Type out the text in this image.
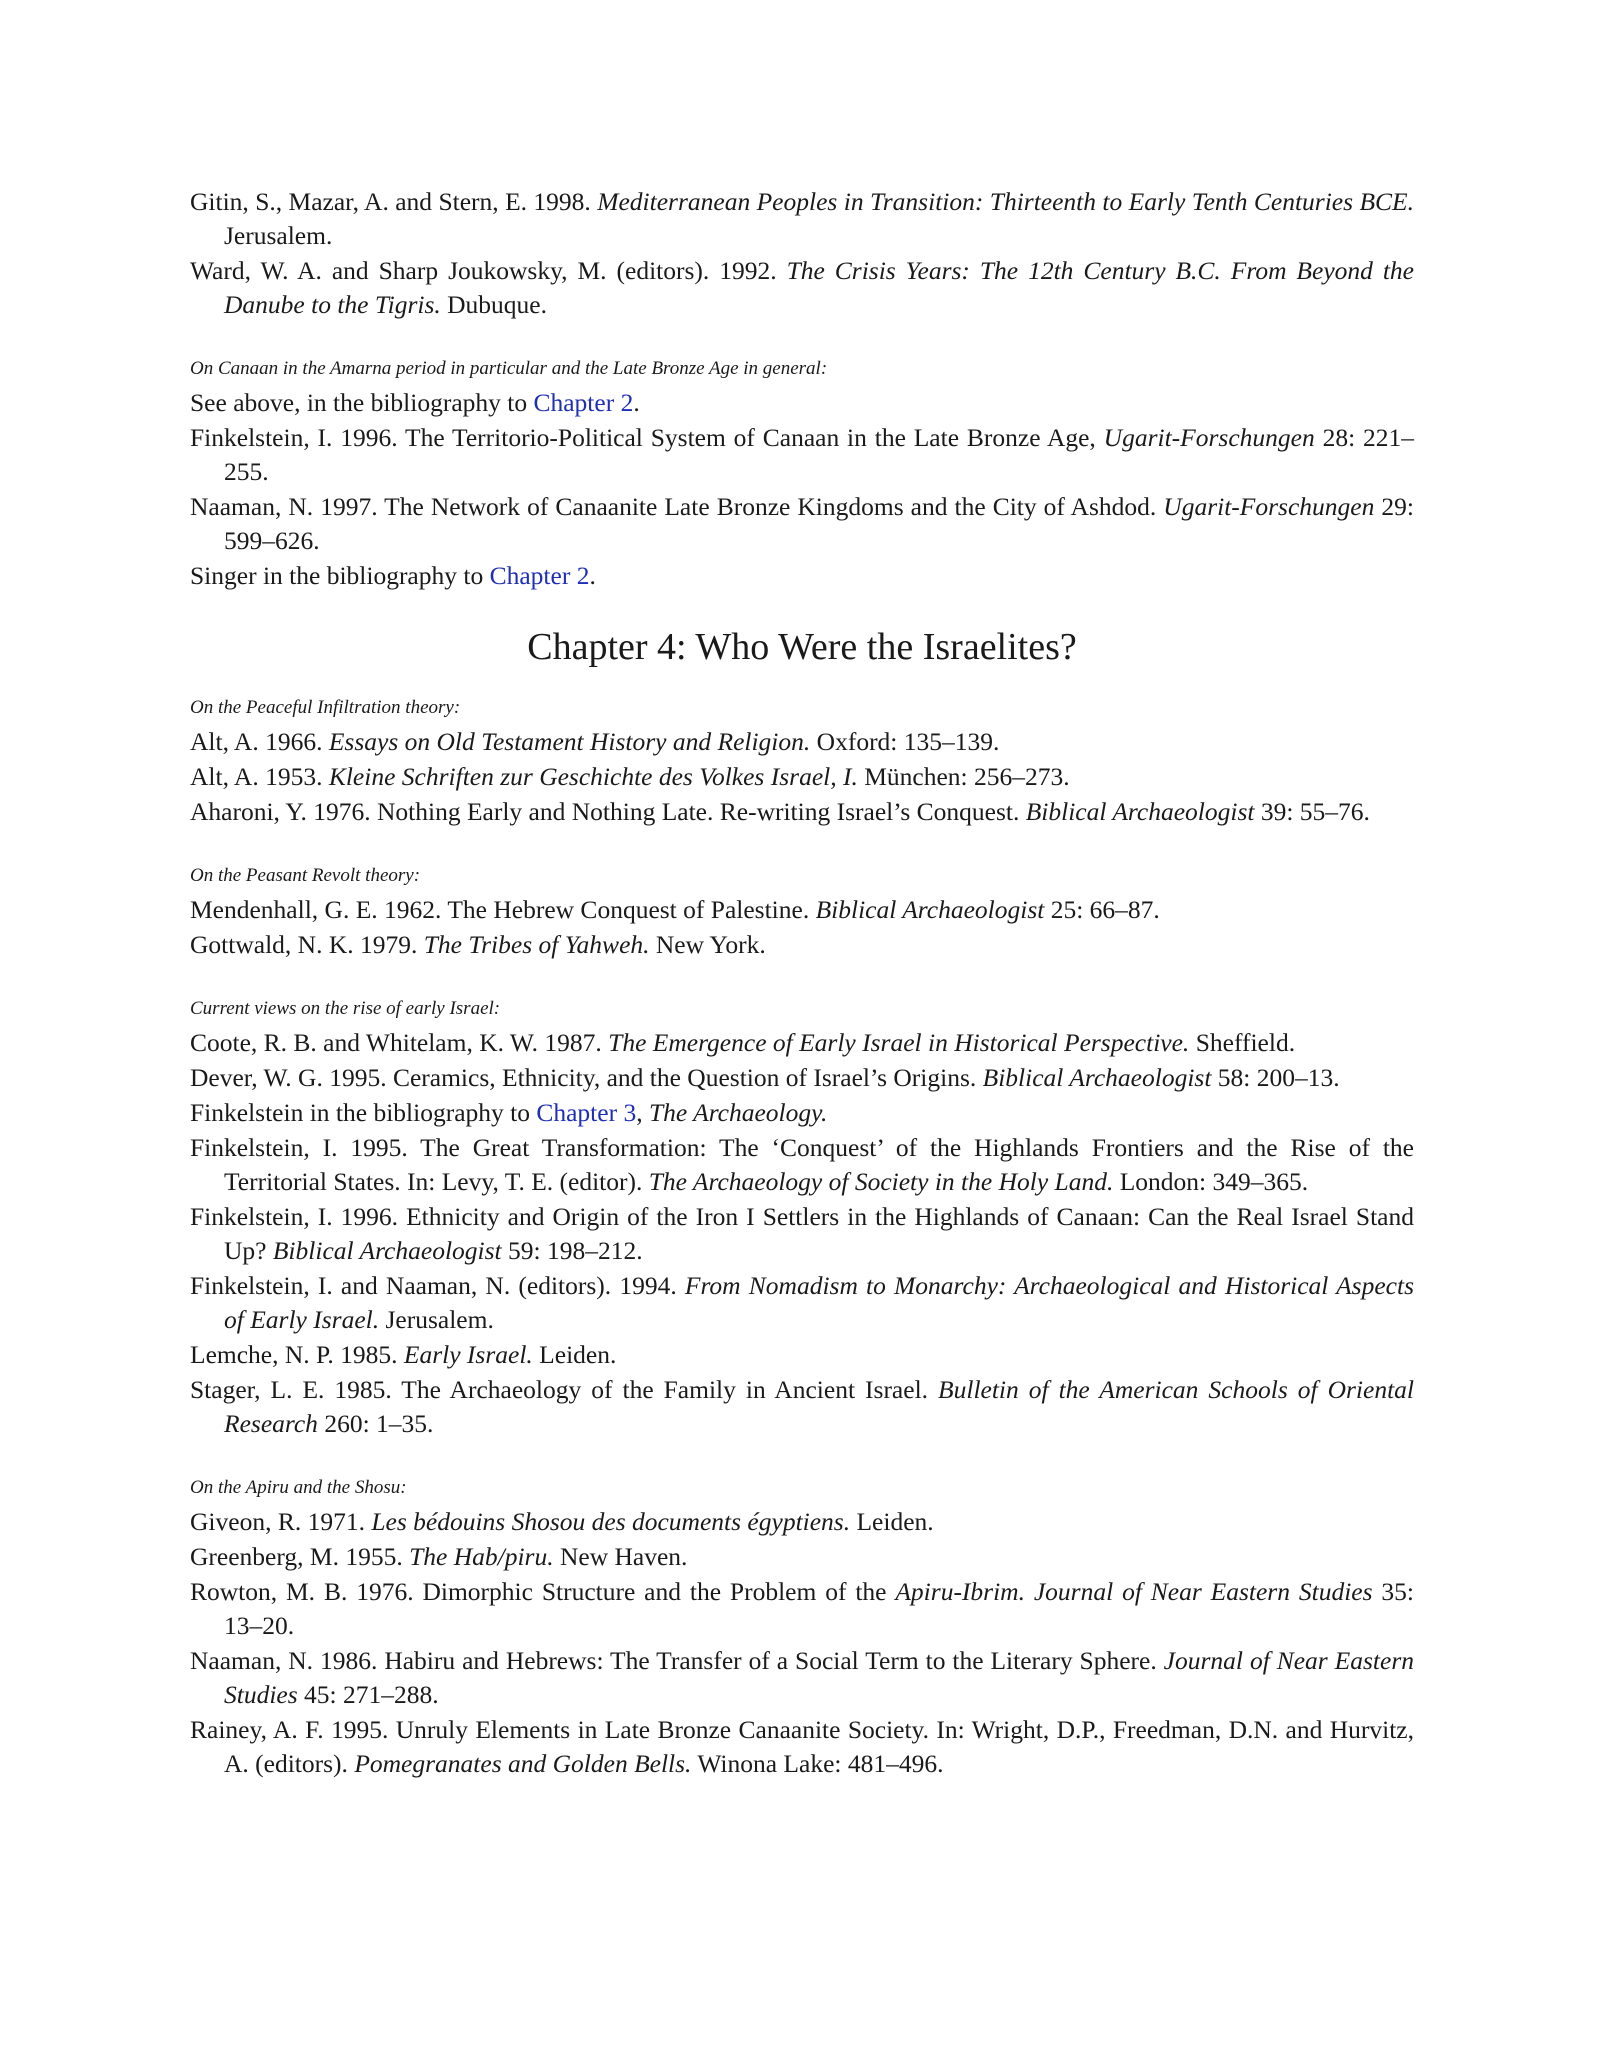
Gitin, S., Mazar, A. and Stern, E. 1998. Mediterranean Peoples in Transition: Thirteenth to Early Tenth Centuries BCE. Jerusalem.
Ward, W. A. and Sharp Joukowsky, M. (editors). 1992. The Crisis Years: The 12th Century B.C. From Beyond the Danube to the Tigris. Dubuque.
On Canaan in the Amarna period in particular and the Late Bronze Age in general:
See above, in the bibliography to Chapter 2.
Finkelstein, I. 1996. The Territorio-Political System of Canaan in the Late Bronze Age, Ugarit-Forschungen 28: 221–255.
Naaman, N. 1997. The Network of Canaanite Late Bronze Kingdoms and the City of Ashdod. Ugarit-Forschungen 29: 599–626.
Singer in the bibliography to Chapter 2.
Chapter 4: Who Were the Israelites?
On the Peaceful Infiltration theory:
Alt, A. 1966. Essays on Old Testament History and Religion. Oxford: 135–139.
Alt, A. 1953. Kleine Schriften zur Geschichte des Volkes Israel, I. München: 256–273.
Aharoni, Y. 1976. Nothing Early and Nothing Late. Re-writing Israel’s Conquest. Biblical Archaeologist 39: 55–76.
On the Peasant Revolt theory:
Mendenhall, G. E. 1962. The Hebrew Conquest of Palestine. Biblical Archaeologist 25: 66–87.
Gottwald, N. K. 1979. The Tribes of Yahweh. New York.
Current views on the rise of early Israel:
Coote, R. B. and Whitelam, K. W. 1987. The Emergence of Early Israel in Historical Perspective. Sheffield.
Dever, W. G. 1995. Ceramics, Ethnicity, and the Question of Israel’s Origins. Biblical Archaeologist 58: 200–13.
Finkelstein in the bibliography to Chapter 3, The Archaeology.
Finkelstein, I. 1995. The Great Transformation: The ‘Conquest’ of the Highlands Frontiers and the Rise of the Territorial States. In: Levy, T. E. (editor). The Archaeology of Society in the Holy Land. London: 349–365.
Finkelstein, I. 1996. Ethnicity and Origin of the Iron I Settlers in the Highlands of Canaan: Can the Real Israel Stand Up? Biblical Archaeologist 59: 198–212.
Finkelstein, I. and Naaman, N. (editors). 1994. From Nomadism to Monarchy: Archaeological and Historical Aspects of Early Israel. Jerusalem.
Lemche, N. P. 1985. Early Israel. Leiden.
Stager, L. E. 1985. The Archaeology of the Family in Ancient Israel. Bulletin of the American Schools of Oriental Research 260: 1–35.
On the Apiru and the Shosu:
Giveon, R. 1971. Les bédouins Shosou des documents égyptiens. Leiden.
Greenberg, M. 1955. The Hab/piru. New Haven.
Rowton, M. B. 1976. Dimorphic Structure and the Problem of the Apiru-Ibrim. Journal of Near Eastern Studies 35: 13–20.
Naaman, N. 1986. Habiru and Hebrews: The Transfer of a Social Term to the Literary Sphere. Journal of Near Eastern Studies 45: 271–288.
Rainey, A. F. 1995. Unruly Elements in Late Bronze Canaanite Society. In: Wright, D.P., Freedman, D.N. and Hurvitz, A. (editors). Pomegranates and Golden Bells. Winona Lake: 481–496.
